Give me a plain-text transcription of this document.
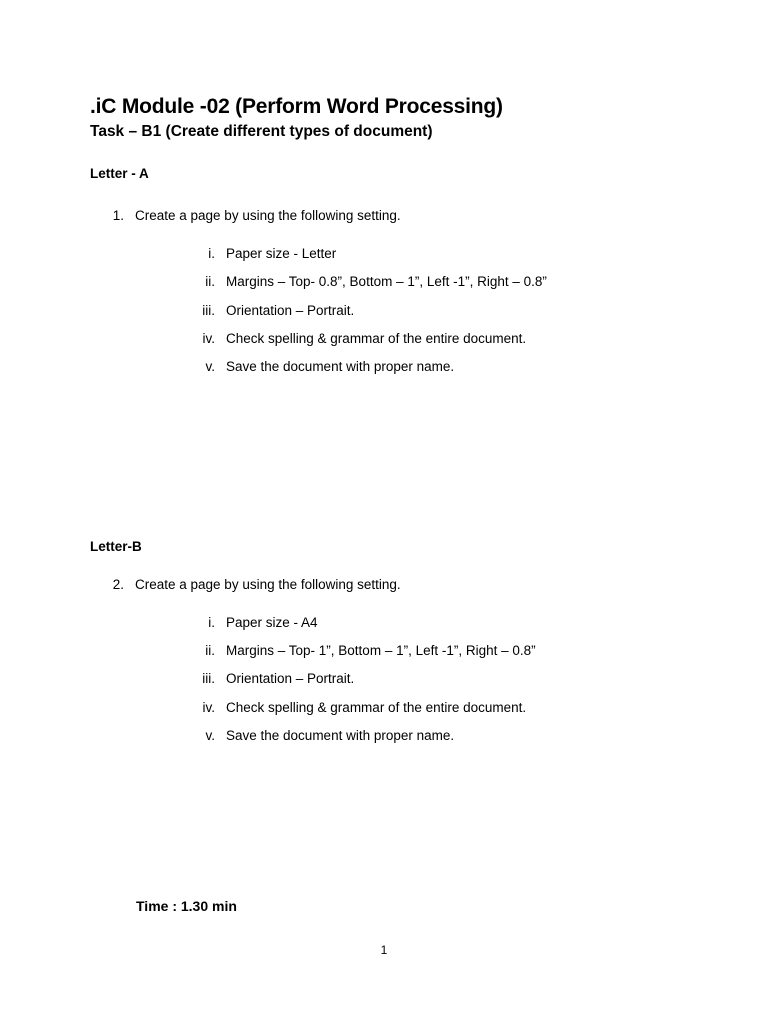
.iC Module -02 (Perform Word Processing)
Task – B1 (Create different types of document)
Letter - A
1. Create a page by using the following setting.
i. Paper size - Letter
ii. Margins – Top- 0.8”, Bottom – 1”, Left -1”, Right – 0.8”
iii. Orientation – Portrait.
iv. Check spelling & grammar of the entire document.
v. Save the document with proper name.
Letter-B
2. Create a page by using the following setting.
i. Paper size - A4
ii. Margins – Top- 1”, Bottom – 1”, Left -1”, Right – 0.8”
iii. Orientation – Portrait.
iv. Check spelling & grammar of the entire document.
v. Save the document with proper name.
Time : 1.30 min
1
